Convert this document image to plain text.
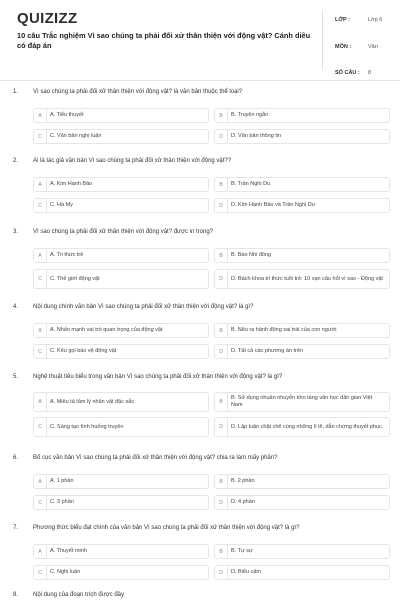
QUIZIZZ
10 câu Trắc nghiệm Vì sao chúng ta phải đối xử thân thiện với động vật? Cánh diều có đáp án
LỚP :	Lớp 6
MÔN :	Văn
SỐ CÂU : 8
1. Vì sao chúng ta phải đối xử thân thiện với động vật? là văn bản thuộc thể loại?
A	A. Tiểu thuyết	B	B. Truyện ngắn
C	C. Văn bản nghị luận	D	D. Văn bản thông tin
2. Ai là tác giả văn bản Vì sao chúng ta phải đối xử thân thiện với động vật??
A	A. Kim Hạnh Bảo	B	B. Trần Nghị Du
C	C. Hà My	D	D. Kim Hạnh Bảo và Trần Nghị Du
3. Vì sao chúng ta phải đối xử thân thiện với động vật? được in trong?
A	A. Tri thức trẻ	B	B. Báo Nhi đồng
C	C. Thế giới động vật	D	D. Bách khoa tri thức tuổi trẻ: 10 vạn câu hỏi vì sao - Động vật
4. Nội dung chính văn bản Vì sao chúng ta phải đối xử thân thiện với động vật? là gì?
A	A. Nhấn mạnh vai trò quan trọng của động vật	B	B. Nêu ra hành động sai trái của con người
C	C. Kêu gọi bảo vệ động vật	D	D. Tất cả các phương án trên
5. Nghệ thuật tiêu biểu trong văn bản Vì sao chúng ta phải đối xử thân thiện với động vật? là gì?
A	A. Miêu tả tâm lý nhân vật đặc sắc	B
B. Sử dụng nhuần nhuyễn kho tàng văn học dân gian Việt Nam
C	C. Sáng tạo tình huống truyện	D	D. Lập luận chặt chẽ cùng những lí lẽ, dẫn chứng thuyết phục.
6. Bố cục văn bản Vì sao chúng ta phải đối xử thân thiện với động vật? chia ra làm mấy phần?
A	A. 1 phần	B	B. 2 phần
C	C. 3 phần	D	D. 4 phần
7. Phương thức biểu đạt chính của văn bản Vì sao chúng ta phải đối xử thân thiện với động vật? là gì?
A	A. Thuyết minh	B	B. Tự sự
C	C. Nghị luận	D	D. Biểu cảm
8. Nội dung của đoạn trích được đây
